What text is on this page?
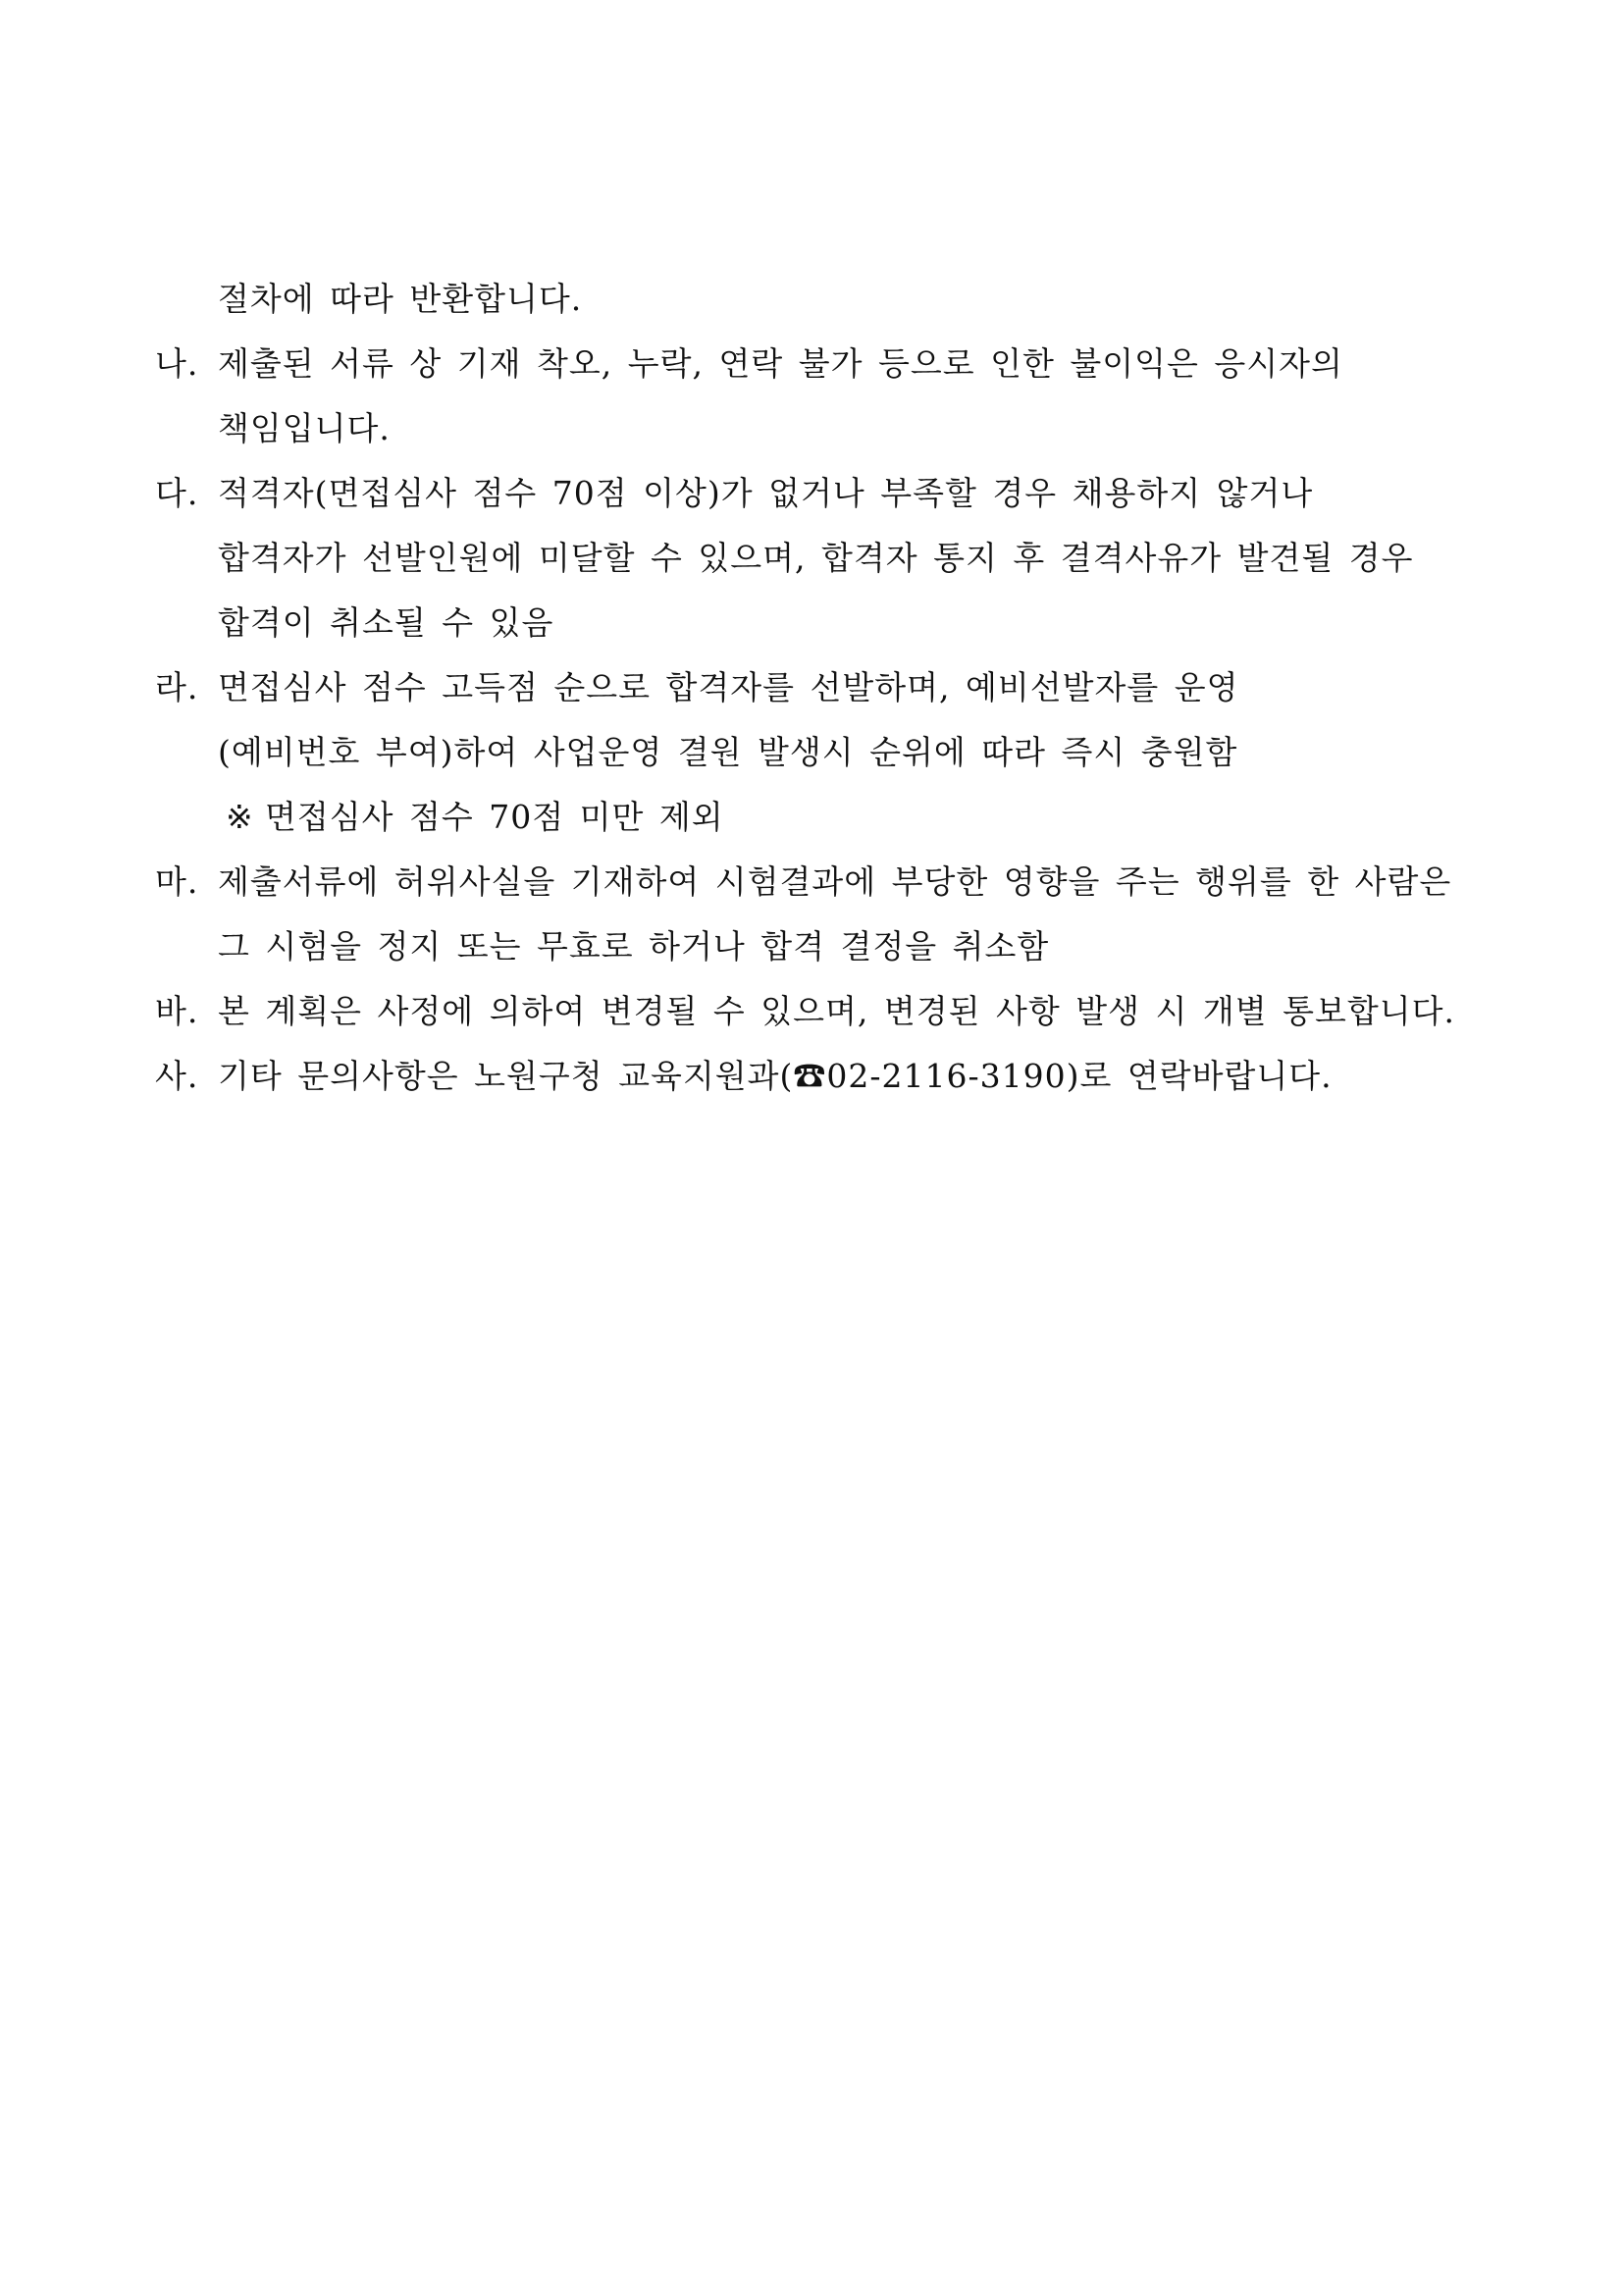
절차에 따라 반환합니다.
나. 제출된 서류 상 기재 착오, 누락, 연락 불가 등으로 인한 불이익은 응시자의
책임입니다.
다. 적격자(면접심사 점수 70점 이상)가 없거나 부족할 경우 채용하지 않거나
합격자가 선발인원에 미달할 수 있으며, 합격자 통지 후 결격사유가 발견될 경우
합격이 취소될 수 있음
라. 면접심사 점수 고득점 순으로 합격자를 선발하며, 예비선발자를 운영
(예비번호 부여)하여 사업운영 결원 발생시 순위에 따라 즉시 충원함
※ 면접심사 점수 70점 미만 제외
마. 제출서류에 허위사실을 기재하여 시험결과에 부당한 영향을 주는 행위를 한 사람은
그 시험을 정지 또는 무효로 하거나 합격 결정을 취소함
바. 본 계획은 사정에 의하여 변경될 수 있으며, 변경된 사항 발생 시 개별 통보합니다.
사. 기타 문의사항은 노원구청 교육지원과(☎02-2116-3190)로 연락바랍니다.
